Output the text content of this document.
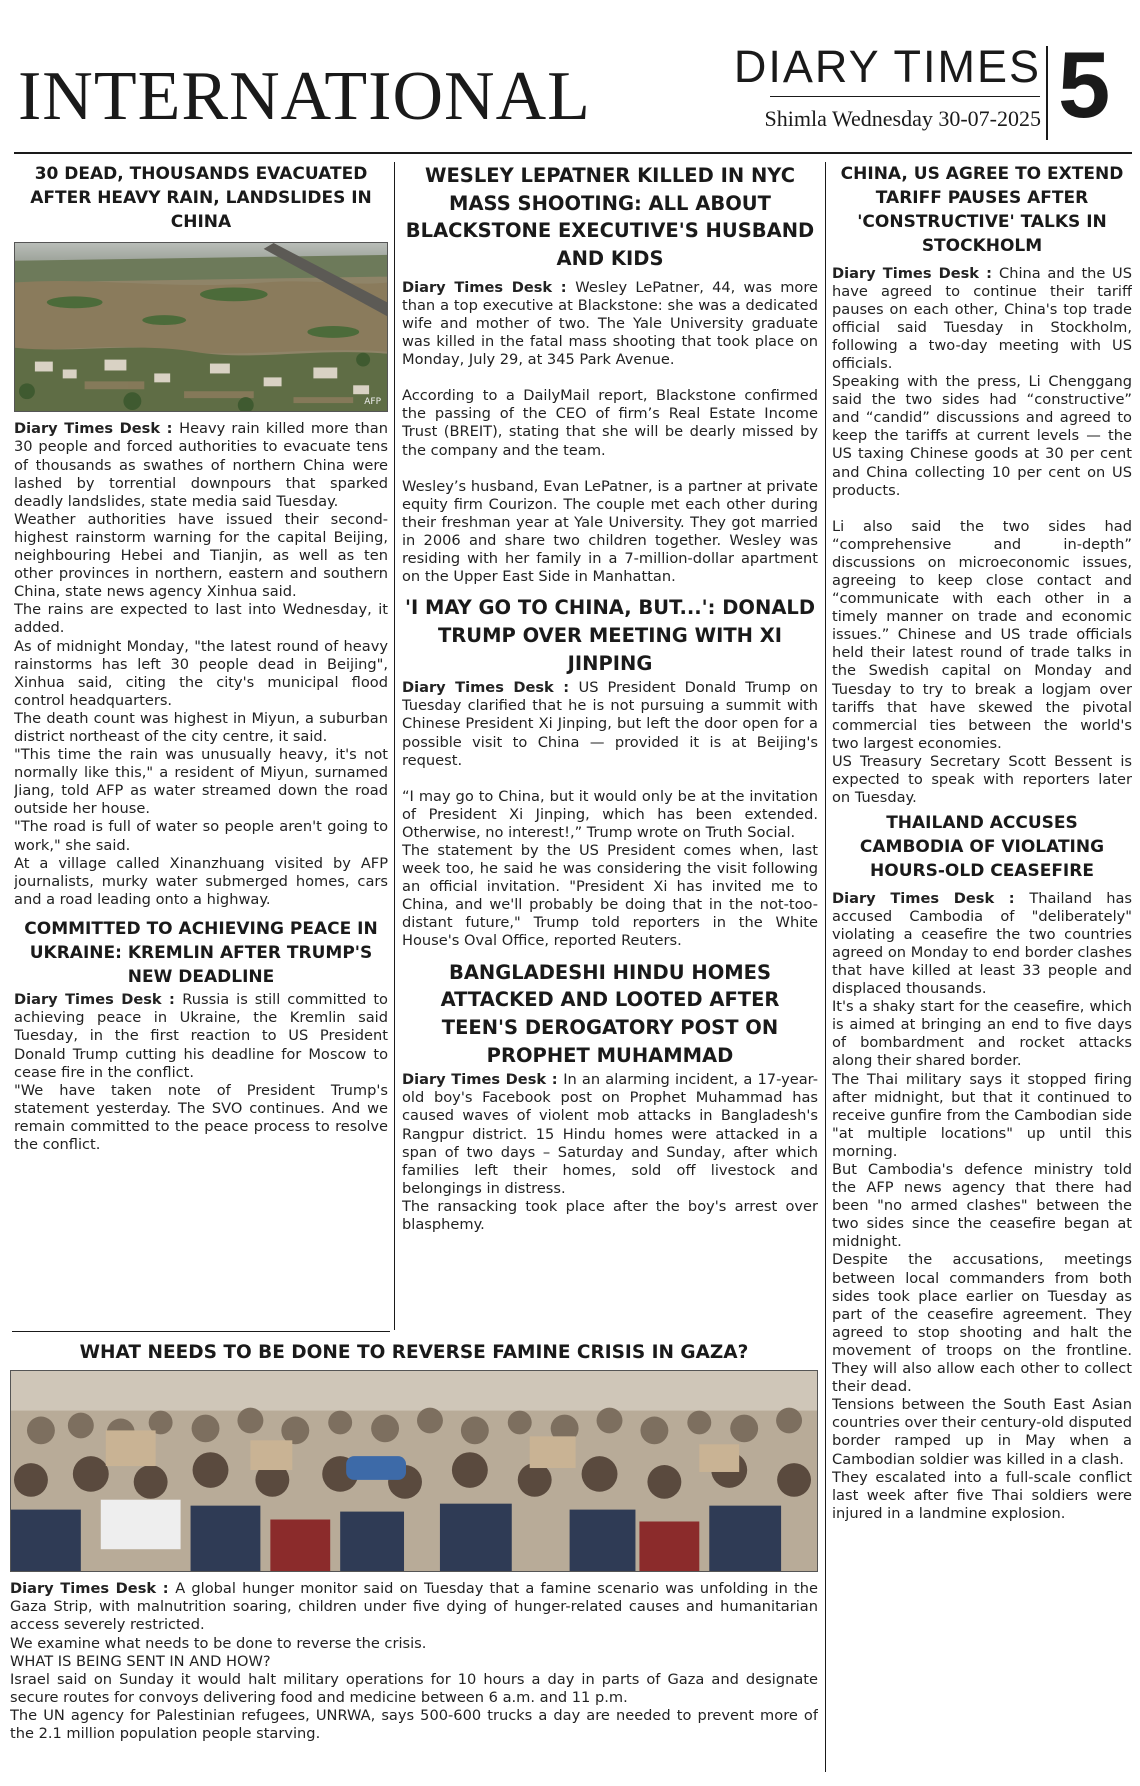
INTERNATIONAL	DIARY TIMES
Shimla Wednesday 30-07-2025 5
30 DEAD, THOUSANDS EVACUATED AFTER HEAVY RAIN, LANDSLIDES IN CHINA
AFP

Diary Times Desk : Heavy rain killed more than 30 people and forced authorities to evacuate tens of thousands as swathes of northern China were lashed by torrential downpours that sparked deadly landslides, state media said Tuesday.

Weather authorities have issued their second-highest rainstorm warning for the capital Beijing, neighbouring Hebei and Tianjin, as well as ten other provinces in northern, eastern and southern China, state news agency Xinhua said.

The rains are expected to last into Wednesday, it added.

As of midnight Monday, "the latest round of heavy rainstorms has left 30 people dead in Beijing", Xinhua said, citing the city's municipal flood control headquarters.

The death count was highest in Miyun, a suburban district northeast of the city centre, it said.

"This time the rain was unusually heavy, it's not normally like this," a resident of Miyun, surnamed Jiang, told AFP as water streamed down the road outside her house.

"The road is full of water so people aren't going to work," she said.

At a village called Xinanzhuang visited by AFP journalists, murky water submerged homes, cars and a road leading onto a highway.

COMMITTED TO ACHIEVING PEACE IN UKRAINE: KREMLIN AFTER TRUMP'S NEW DEADLINE

Diary Times Desk : Russia is still committed to achieving peace in Ukraine, the Kremlin said Tuesday, in the first reaction to US President Donald Trump cutting his deadline for Moscow to cease fire in the conflict.

"We have taken note of President Trump's statement yesterday. The SVO continues. And we remain committed to the peace process to resolve the conflict.

WESLEY LEPATNER KILLED IN NYC MASS SHOOTING: ALL ABOUT BLACKSTONE EXECUTIVE'S HUSBAND AND KIDS

Diary Times Desk : Wesley LePatner, 44, was more than a top executive at Blackstone: she was a dedicated wife and mother of two. The Yale University graduate was killed in the fatal mass shooting that took place on Monday, July 29, at 345 Park Avenue.

According to a DailyMail report, Blackstone confirmed the passing of the CEO of firm’s Real Estate Income Trust (BREIT), stating that she will be dearly missed by the company and the team.

Wesley’s husband, Evan LePatner, is a partner at private equity firm Courizon. The couple met each other during their freshman year at Yale University. They got married in 2006 and share two children together. Wesley was residing with her family in a 7-million-dollar apartment on the Upper East Side in Manhattan.

'I MAY GO TO CHINA, BUT...': DONALD TRUMP OVER MEETING WITH XI JINPING

Diary Times Desk : US President Donald Trump on Tuesday clarified that he is not pursuing a summit with Chinese President Xi Jinping, but left the door open for a possible visit to China — provided it is at Beijing's request.

“I may go to China, but it would only be at the invitation of President Xi Jinping, which has been extended. Otherwise, no interest!,” Trump wrote on Truth Social.

The statement by the US President comes when, last week too, he said he was considering the visit following an official invitation. "President Xi has invited me to China, and we'll probably be doing that in the not-too-distant future," Trump told reporters in the White House's Oval Office, reported Reuters.

BANGLADESHI HINDU HOMES ATTACKED AND LOOTED AFTER TEEN'S DEROGATORY POST ON PROPHET MUHAMMAD

Diary Times Desk : In an alarming incident, a 17-year-old boy's Facebook post on Prophet Muhammad has caused waves of violent mob attacks in Bangladesh's Rangpur district. 15 Hindu homes were attacked in a span of two days – Saturday and Sunday, after which families left their homes, sold off livestock and belongings in distress.

The ransacking took place after the boy's arrest over blasphemy.

CHINA, US AGREE TO EXTEND TARIFF PAUSES AFTER 'CONSTRUCTIVE' TALKS IN STOCKHOLM

Diary Times Desk : China and the US have agreed to continue their tariff pauses on each other, China's top trade official said Tuesday in Stockholm, following a two-day meeting with US officials.

Speaking with the press, Li Chenggang said the two sides had “constructive” and “candid” discussions and agreed to keep the tariffs at current levels — the US taxing Chinese goods at 30 per cent and China collecting 10 per cent on US products.

Li also said the two sides had “comprehensive and in-depth” discussions on microeconomic issues, agreeing to keep close contact and “communicate with each other in a timely manner on trade and economic issues.” Chinese and US trade officials held their latest round of trade talks in the Swedish capital on Monday and Tuesday to try to break a logjam over tariffs that have skewed the pivotal commercial ties between the world's two largest economies.

US Treasury Secretary Scott Bessent is expected to speak with reporters later on Tuesday.

THAILAND ACCUSES CAMBODIA OF VIOLATING HOURS-OLD CEASEFIRE

Diary Times Desk : Thailand has accused Cambodia of "deliberately" violating a ceasefire the two countries agreed on Monday to end border clashes that have killed at least 33 people and displaced thousands.

It's a shaky start for the ceasefire, which is aimed at bringing an end to five days of bombardment and rocket attacks along their shared border.

The Thai military says it stopped firing after midnight, but that it continued to receive gunfire from the Cambodian side "at multiple locations" up until this morning.

But Cambodia's defence ministry told the AFP news agency that there had been "no armed clashes" between the two sides since the ceasefire began at midnight.

Despite the accusations, meetings between local commanders from both sides took place earlier on Tuesday as part of the ceasefire agreement. They agreed to stop shooting and halt the movement of troops on the frontline. They will also allow each other to collect their dead.

Tensions between the South East Asian countries over their century-old disputed border ramped up in May when a Cambodian soldier was killed in a clash.

They escalated into a full-scale conflict last week after five Thai soldiers were injured in a landmine explosion.

WHAT NEEDS TO BE DONE TO REVERSE FAMINE CRISIS IN GAZA?

Diary Times Desk : A global hunger monitor said on Tuesday that a famine scenario was unfolding in the Gaza Strip, with malnutrition soaring, children under five dying of hunger-related causes and humanitarian access severely restricted.

We examine what needs to be done to reverse the crisis.

WHAT IS BEING SENT IN AND HOW?

Israel said on Sunday it would halt military operations for 10 hours a day in parts of Gaza and designate secure routes for convoys delivering food and medicine between 6 a.m. and 11 p.m.

The UN agency for Palestinian refugees, UNRWA, says 500-600 trucks a day are needed to prevent more of the 2.1 million population people starving.
